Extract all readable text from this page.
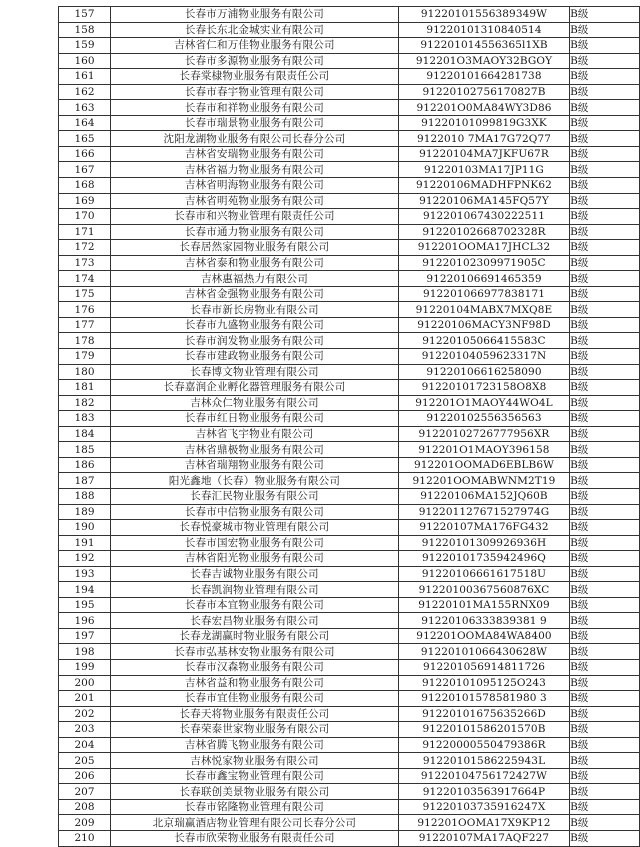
157	长春市万浦物业服务有限公司	91220101556389349W	B级
158	长春长东北金城实业有限公司	91220101310840514	B级
159	吉林省仁和万佳物业服务有限公司	912201014556365l1XB	B级
160	长春市多源物业服务有限公司	912201O3MAOY32BGOY	B级
161	长春棠棣物业服务有限责任公司	91220101664281738	B级
162	长春市春宇物业管理有限公司	91220102756170827B	B级
163	长春市和祥物业服务有限公司	912201O0MA84WY3D86	B级
164	长春市瑞景物业服务有限公司	91220101099819G3XK	B级
165	沈阳龙湖物业服务有限公司长春分公司	9122010 7MA17G72Q77	B级
166	吉林省安瑞物业服务有限公司	91220104MA7JKFU67R	B级
167	吉林省福力物业服务有限公司	91220103MA17JP11G	B级
168	吉林省明海物业服务有限公司	91220106MADHFPNK62	B级
169	吉林省明苑物业服务有限公司	91220106MA145FQ57Y	B级
170	长春市和兴物业管理有限责任公司	912201067430222511	B级
171	长春市通力物业服务有限公司	91220102668702328R	B级
172	长春居然家园物业服务有限公司	912201OOMA17JHCL32	B级
173	吉林省泰和物业服务有限公司	91220102309971905C	B级
174	吉林惠福热力有限公司	91220106691465359	B级
175	吉林省金强物业服务有限公司	912201066977838171	B级
176	长春市新长房物业有限公司	91220104MABX7MXQ8E	B级
177	长春市九盛物业服务有限公司	91220106MACY3NF98D	B级
178	长春市润发物业服务有限公司	91220105066415583C	B级
179	长春市建政物业服务有限公司	91220104059623317N	B级
180	长春博文物业管理有限公司	91220106616258090	B级
181	长春嘉润企业孵化器管理服务有限公司	91220101723158O8X8	B级
182	吉林众仁物业服务有限公司	912201O1MAOY44WO4L	B级
183	长春市红日物业服务有限公司	91220102556356563	B级
184	吉林省飞宇物业有限公司	91220102726777956XR	B级
185	吉林省鼎极物业服务有限公司	912201O1MAOY396158	B级
186	吉林省瑞翔物业服务有限公司	912201OOMAD6EBLB6W	B级
187	阳光鑫地（长春）物业服务有限公司	912201OOMABWNM2T19	B级
188	长春汇民物业服务有限公司	91220106MA152JQ60B	B级
189	长春市中信物业服务有限公司	912201127671527974G	B级
190	长春悦豪城市物业管理有限公司	91220107MA176FG432	B级
191	长春市国宏物业服务有限公司	91220101309926936H	B级
192	吉林省阳光物业服务有限公司	91220101735942496Q	B级
193	长春吉诚物业服务有限公司	91220106661617518U	B级
194	长春凯润物业管理有限公司	91220100367560876XC	B级
195	长春市本宜物业服务有限公司	91220101MA155RNX09	B级
196	长春宏昌物业服务有限公司	91220106333839381 9	B级
197	长春龙湖赢时物业服务有限公司	912201OOMA84WA8400	B级
198	长春市弘基林安物业服务有限公司	91220101066430628W	B级
199	长春市汉森物业服务有限公司	912201056914811726	B级
200	吉林省益和物业服务有限公司	91220101095125O243	B级
201	长春市宜佳物业服务有限公司	91220101578581980 3	B级
202	长春天将物业服务有限责任公司	91220101675635266D	B级
203	长春荣泰世家物业服务有限公司	91220101586201570B	B级
204	吉林省腾飞物业服务有限公司	91220000550479386R	B级
205	吉林悦家物业服务有限公司	91220101586225943L	B级
206	长春市鑫宝物业管理有限公司	91220104756172427W	B级
207	长春联创美景物业服务有限公司	91220103563917664P	B级
208	长春市铭隆物业管理有限公司	91220103735916247X	B级
209	北京瑞赢酒店物业管理有限公司长春分公司	912201OOMA17X9KP12	B级
210	长春市欣荣物业服务有限责任公司	91220107MA17AQF227	B级
